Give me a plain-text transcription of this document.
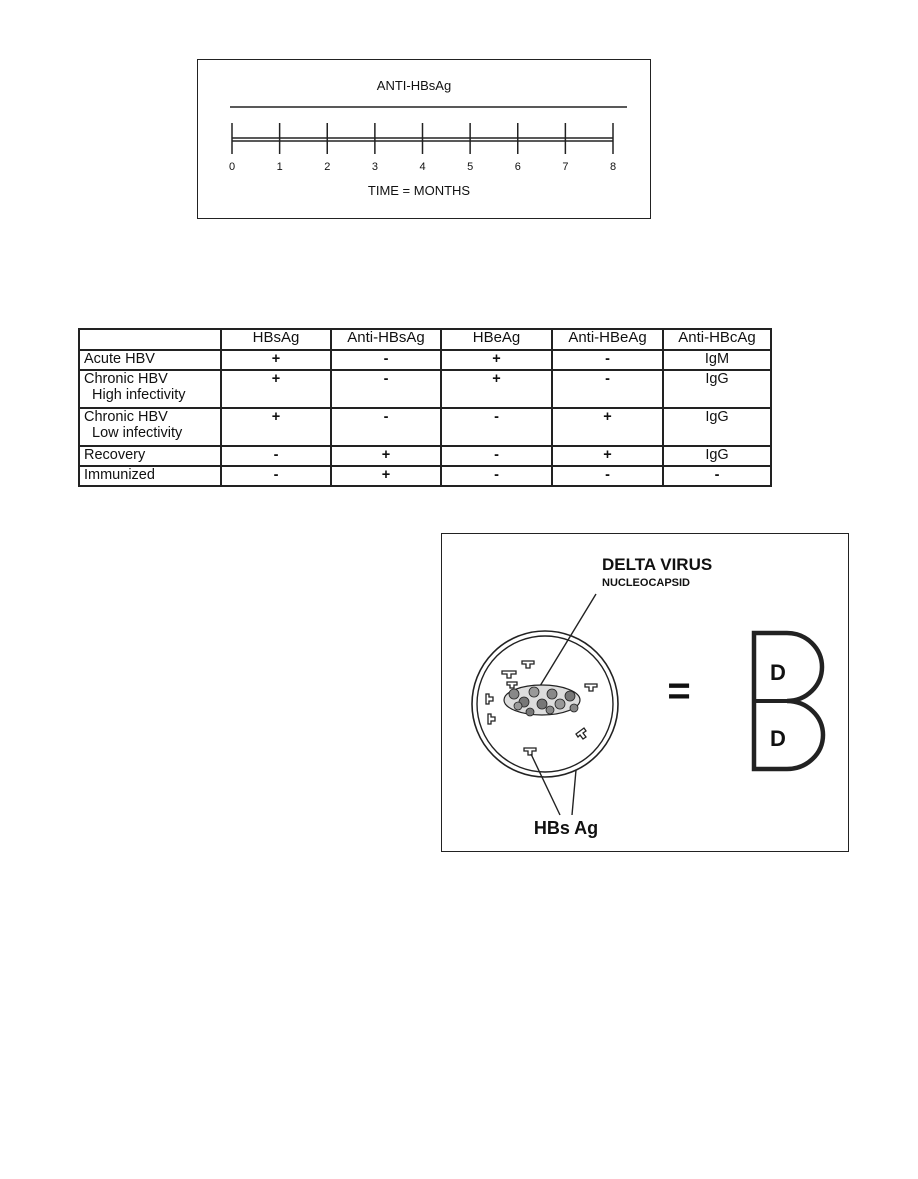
ANTI-HBsAg
0	1	2	3	4	5	6	7	8
TIME = MONTHS
	HBsAg	Anti-HBsAg	HBeAg	Anti-HBeAg	Anti-HBcAg
Acute HBV	+	-	+	-	IgM
Chronic HBV
High infectivity	+	-	+	-	IgG
Chronic HBV
Low infectivity	+	-	-	+	IgG
Recovery	-	+	-	+	IgG
Immunized	-	+	-	-	-
DELTA VIRUS
NUCLEOCAPSID
HBs Ag
=	D
D
